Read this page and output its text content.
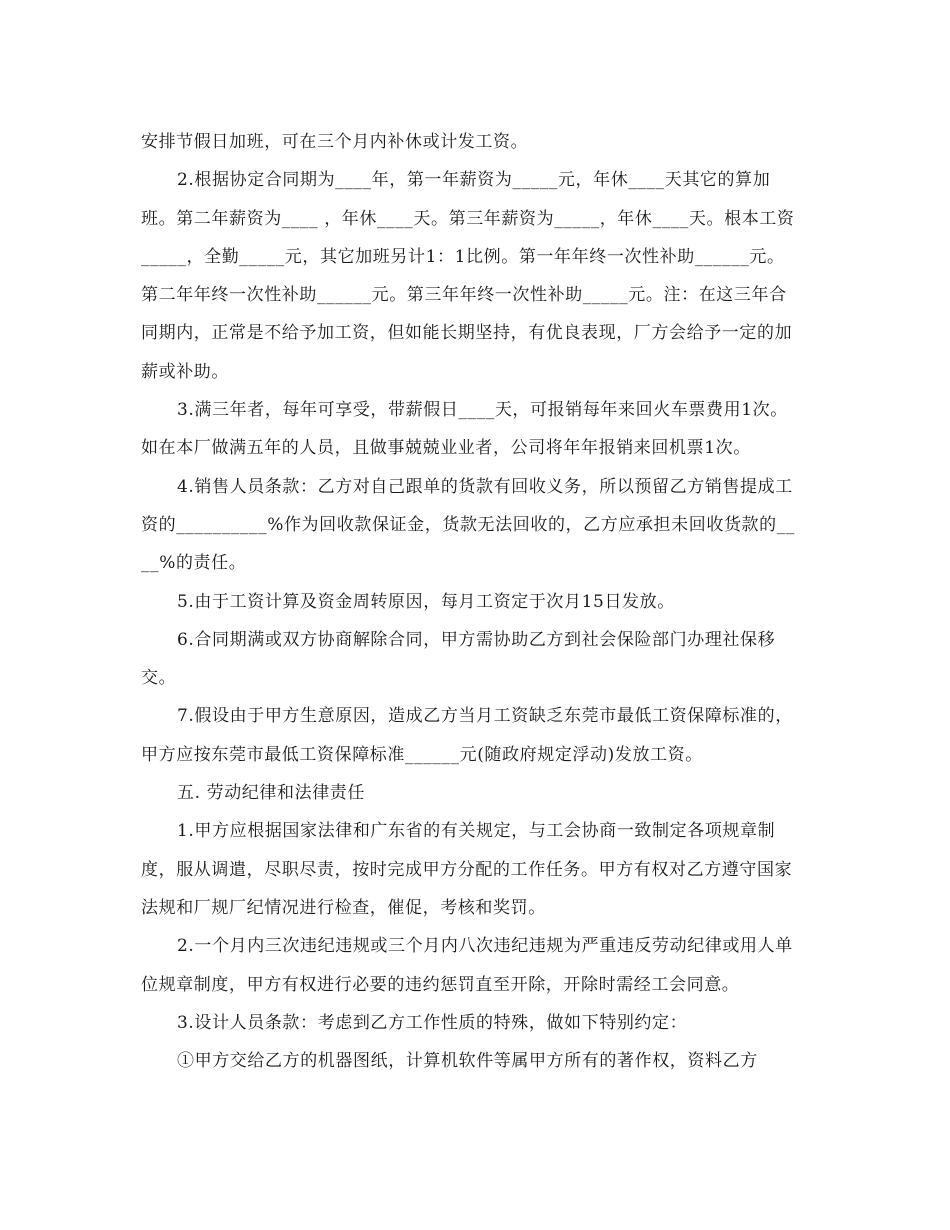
安排节假日加班，可在三个月内补休或计发工资。

2.根据协定合同期为____年，第一年薪资为_____元，年休____天其它的算加班。第二年薪资为____ ，年休____天。第三年薪资为_____，年休____天。根本工资_____，全勤_____元，其它加班另计1：1比例。第一年年终一次性补助______元。第二年年终一次性补助______元。第三年年终一次性补助_____元。注：在这三年合同期内，正常是不给予加工资，但如能长期坚持，有优良表现，厂方会给予一定的加薪或补助。

3.满三年者，每年可享受，带薪假日____天，可报销每年来回火车票费用1次。如在本厂做满五年的人员，且做事兢兢业业者，公司将年年报销来回机票1次。

4.销售人员条款：乙方对自己跟单的货款有回收义务，所以预留乙方销售提成工资的__________%作为回收款保证金，货款无法回收的，乙方应承担未回收货款的____%的责任。

5.由于工资计算及资金周转原因，每月工资定于次月15日发放。

6.合同期满或双方协商解除合同，甲方需协助乙方到社会保险部门办理社保移交。

7.假设由于甲方生意原因，造成乙方当月工资缺乏东莞市最低工资保障标准的，甲方应按东莞市最低工资保障标准______元(随政府规定浮动)发放工资。

五. 劳动纪律和法律责任

1.甲方应根据国家法律和广东省的有关规定，与工会协商一致制定各项规章制度，服从调遣，尽职尽责，按时完成甲方分配的工作任务。甲方有权对乙方遵守国家法规和厂规厂纪情况进行检查，催促，考核和奖罚。

2.一个月内三次违纪违规或三个月内八次违纪违规为严重违反劳动纪律或用人单位规章制度，甲方有权进行必要的违约惩罚直至开除，开除时需经工会同意。

3.设计人员条款：考虑到乙方工作性质的特殊，做如下特别约定：

①甲方交给乙方的机器图纸，计算机软件等属甲方所有的著作权，资料乙方
